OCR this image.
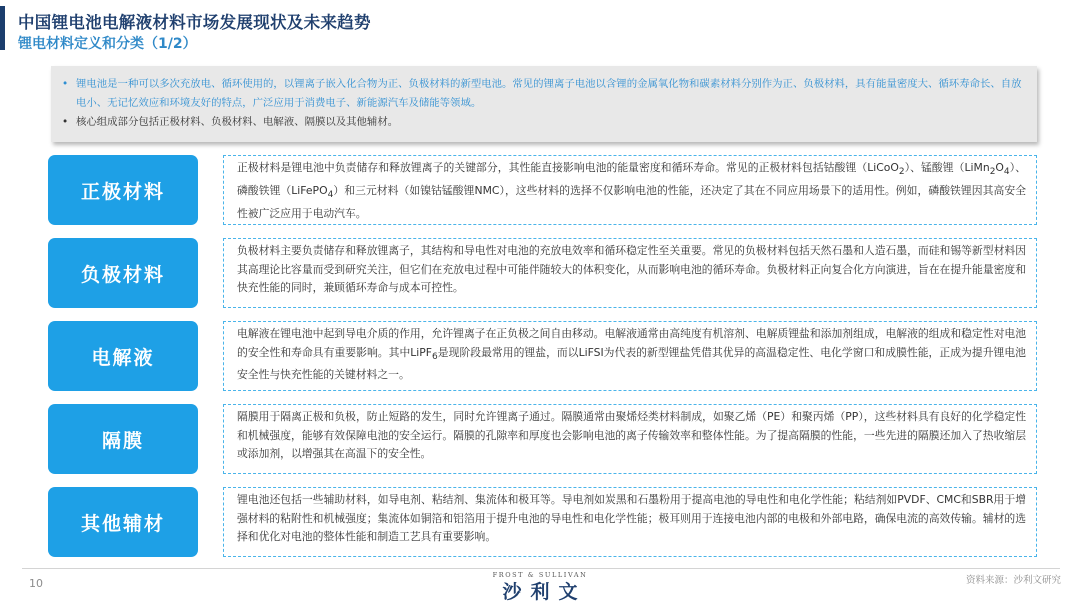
中国锂电池电解液材料市场发展现状及未来趋势
锂电材料定义和分类（1/2）
• 锂电池是一种可以多次充放电、循环使用的，以锂离子嵌入化合物为正、负极材料的新型电池。常见的锂离子电池以含锂的金属氧化物和碳素材料分别作为正、负极材料，具有能量密度大、循环寿命长、自放电小、无记忆效应和环境友好的特点，广泛应用于消费电子、新能源汽车及储能等领域。
• 核心组成部分包括正极材料、负极材料、电解液、隔膜以及其他辅材。
正极材料
正极材料是锂电池中负责储存和释放锂离子的关键部分，其性能直接影响电池的能量密度和循环寿命。常见的正极材料包括钴酸锂（LiCoO$_2$）、锰酸锂$(LiMn_2O_4)$、磷酸铁锂（LiFePO$_4$）和三元材料（如镍钴锰酸锂NMC），这些材料的选择不仅影响电池的性能，还决定了其在不同应用场景下的适用性。例如，磷酸铁锂因其高安全性被广泛应用于电动汽车。
负极材料
负极材料主要负责储存和释放锂离子，其结构和导电性对电池的充放电效率和循环稳定性至关重要。常见的负极材料包括天然石墨和人造石墨，而硅和锡等新型材料因其高理论比容量而受到研究关注，但它们在充放电过程中可能伴随较大的体积变化，从而影响电池的循环寿命。负极材料正向复合化方向演进，旨在在提升能量密度和快充性能的同时，兼顾循环寿命与成本可控性。
电解液
电解液在锂电池中起到导电介质的作用，允许锂离子在正负极之间自由移动。电解液通常由高纯度有机溶剂、电解质锂盐和添加剂组成，电解液的组成和稳定性对电池的安全性和寿命具有重要影响。其中LiPF$_6$是现阶段最常用的锂盐，而以LiFSI为代表的新型锂盐凭借其优异的高温稳定性、电化学窗口和成膜性能，正成为提升锂电池安全性与快充性能的关键材料之一。
隔膜
隔膜用于隔离正极和负极，防止短路的发生，同时允许锂离子通过。隔膜通常由聚烯烃类材料制成，如聚乙烯（PE）和聚丙烯（PP），这些材料具有良好的化学稳定性和机械强度，能够有效保障电池的安全运行。隔膜的孔隙率和厚度也会影响电池的离子传输效率和整体性能。为了提高隔膜的性能，一些先进的隔膜还加入了热收缩层或添加剂，以增强其在高温下的安全性。
其他辅材
锂电池还包括一些辅助材料，如导电剂、粘结剂、集流体和极耳等。导电剂如炭黑和石墨粉用于提高电池的导电性和电化学性能；粘结剂如PVDF、CMC和SBR用于增强材料的粘附性和机械强度；集流体如铜箔和铝箔用于提升电池的导电性和电化学性能；极耳则用于连接电池内部的电极和外部电路，确保电流的高效传输。辅材的选择和优化对电池的整体性能和制造工艺具有重要影响。
10
FROST & SULLIVAN
沙利文
资料来源：沙利文研究
